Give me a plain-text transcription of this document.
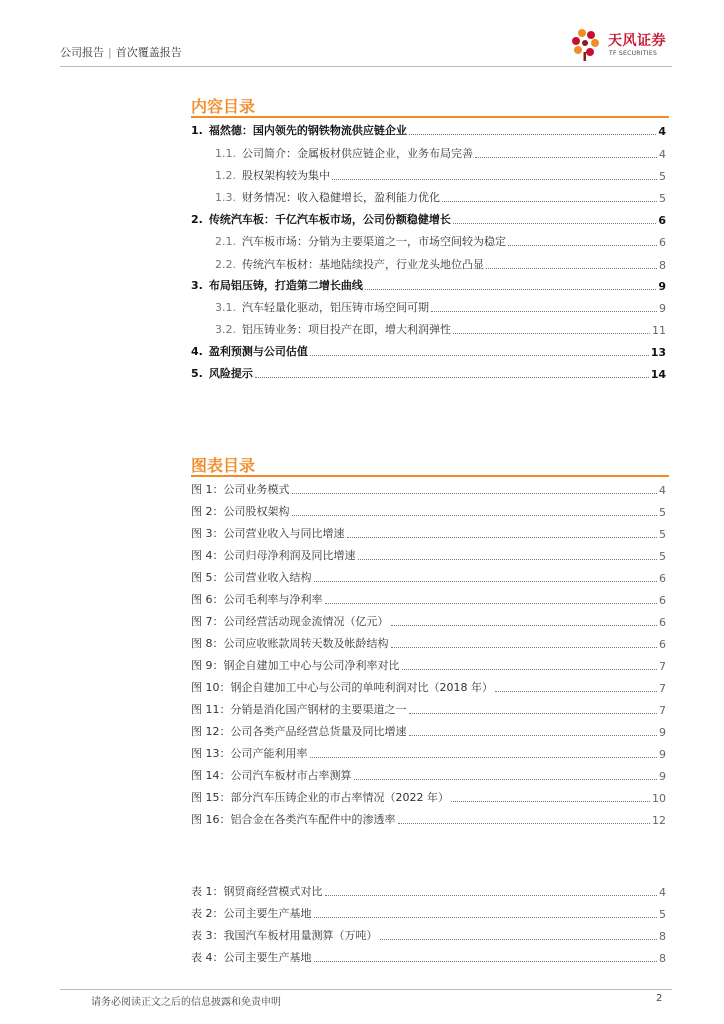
公司报告 | 首次覆盖报告
天风证券
TF SECURITIES
内容目录
1. 福然德：国内领先的钢铁物流供应链企业	4
1.1. 公司简介：金属板材供应链企业，业务布局完善	4
1.2. 股权架构较为集中	5
1.3. 财务情况：收入稳健增长，盈利能力优化	5
2. 传统汽车板：千亿汽车板市场，公司份额稳健增长	6
2.1. 汽车板市场：分销为主要渠道之一，市场空间较为稳定	6
2.2. 传统汽车板材：基地陆续投产，行业龙头地位凸显	8
3. 布局铝压铸，打造第二增长曲线	9
3.1. 汽车轻量化驱动，铝压铸市场空间可期	9
3.2. 铝压铸业务：项目投产在即，增大利润弹性	11
4. 盈利预测与公司估值	13
5. 风险提示	14
图表目录
图 1：公司业务模式	4
图 2：公司股权架构	5
图 3：公司营业收入与同比增速	5
图 4：公司归母净利润及同比增速	5
图 5：公司营业收入结构	6
图 6：公司毛利率与净利率	6
图 7：公司经营活动现金流情况（亿元）	6
图 8：公司应收账款周转天数及帐龄结构	6
图 9：钢企自建加工中心与公司净利率对比	7
图 10：钢企自建加工中心与公司的单吨利润对比（2018 年）	7
图 11：分销是消化国产钢材的主要渠道之一	7
图 12：公司各类产品经营总货量及同比增速	9
图 13：公司产能利用率	9
图 14：公司汽车板材市占率测算	9
图 15：部分汽车压铸企业的市占率情况（2022 年）	10
图 16：铝合金在各类汽车配件中的渗透率	12
表 1：钢贸商经营模式对比	4
表 2：公司主要生产基地	5
表 3：我国汽车板材用量测算（万吨）	8
表 4：公司主要生产基地	8
请务必阅读正文之后的信息披露和免责申明	2
